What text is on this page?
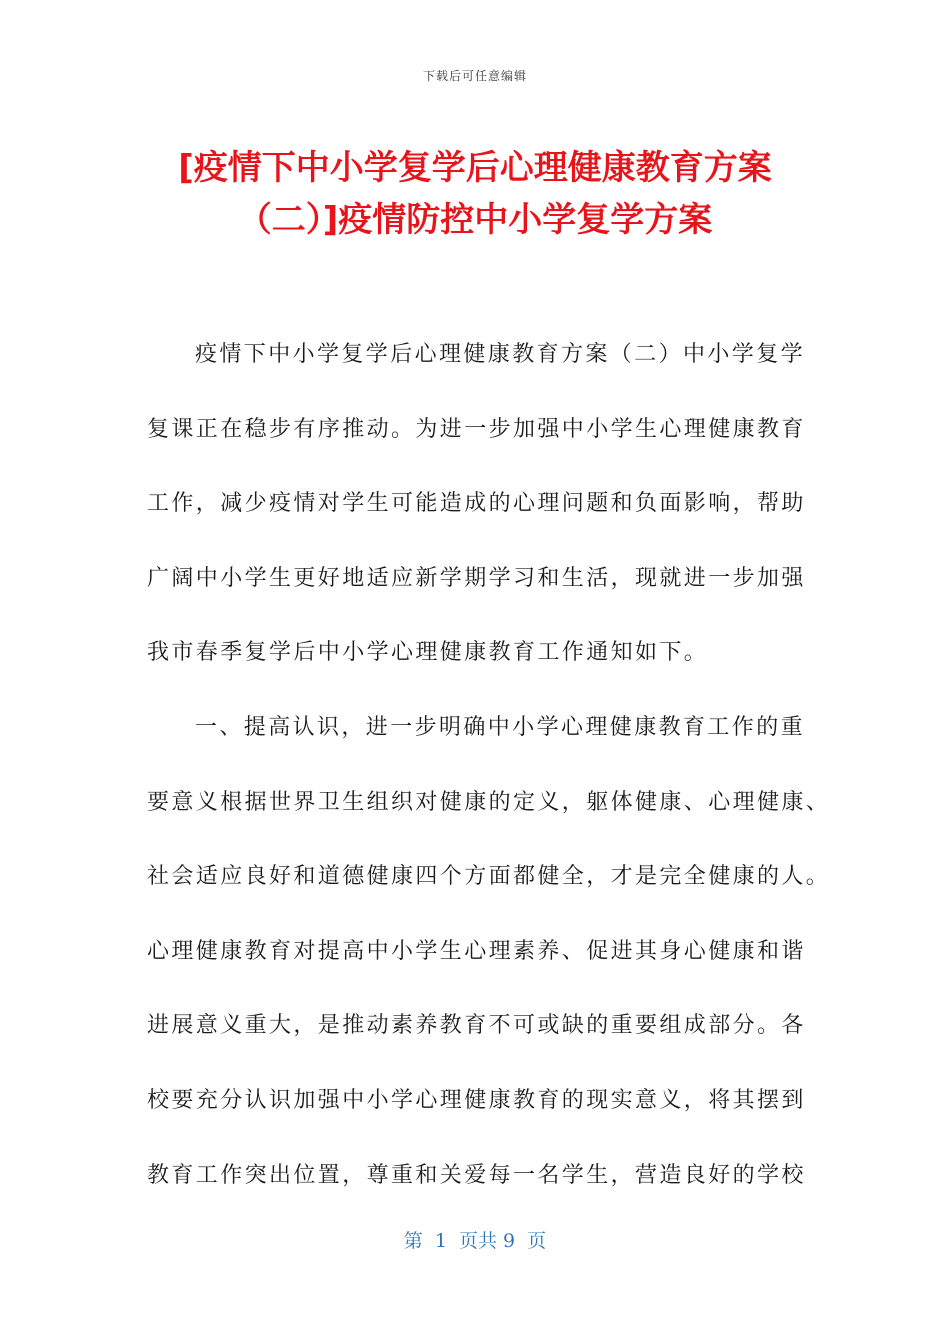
下载后可任意编辑
[疫情下中小学复学后心理健康教育方案
（二）]疫情防控中小学复学方案
疫情下中小学复学后心理健康教育方案（二）中小学复学
复课正在稳步有序推动。为进一步加强中小学生心理健康教育
工作，减少疫情对学生可能造成的心理问题和负面影响，帮助
广阔中小学生更好地适应新学期学习和生活，现就进一步加强
我市春季复学后中小学心理健康教育工作通知如下。
一、提高认识，进一步明确中小学心理健康教育工作的重
要意义根据世界卫生组织对健康的定义，躯体健康、心理健康、
社会适应良好和道德健康四个方面都健全，才是完全健康的人。
心理健康教育对提高中小学生心理素养、促进其身心健康和谐
进展意义重大，是推动素养教育不可或缺的重要组成部分。各
校要充分认识加强中小学心理健康教育的现实意义，将其摆到
教育工作突出位置，尊重和关爱每一名学生，营造良好的学校
第  1  页共 9  页
